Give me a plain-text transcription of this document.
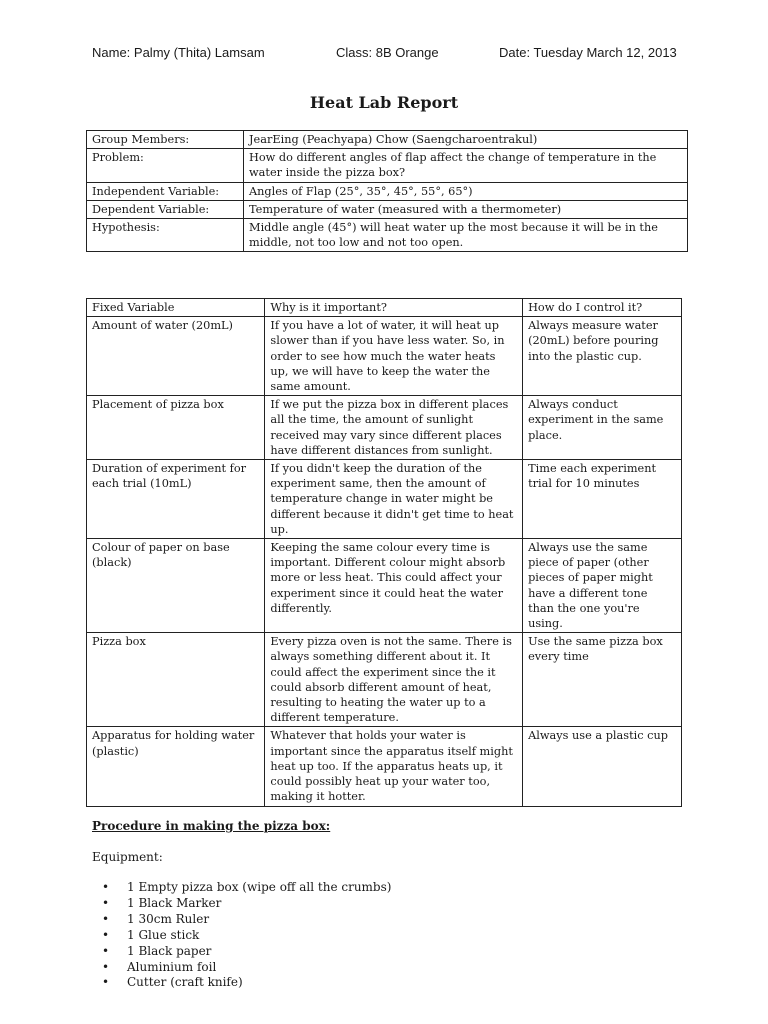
Name: Palmy (Thita) Lamsam	Class: 8B Orange	Date: Tuesday March 12, 2013
Heat Lab Report
Group Members:	JearEing (Peachyapa) Chow (Saengcharoentrakul)
Problem:	How do different angles of flap affect the change of temperature in the water inside the pizza box?
Independent Variable:	Angles of Flap (25°, 35°, 45°, 55°, 65°)
Dependent Variable:	Temperature of water (measured with a thermometer)
Hypothesis:	Middle angle (45°) will heat water up the most because it will be in the middle, not too low and not too open.
Fixed Variable	Why is it important?	How do I control it?
Amount of water (20mL)	If you have a lot of water, it will heat up slower than if you have less water. So, in order to see how much the water heats up, we will have to keep the water the same amount.	Always measure water (20mL) before pouring into the plastic cup.
Placement of pizza box	If we put the pizza box in different places all the time, the amount of sunlight received may vary since different places have different distances from sunlight.	Always conduct experiment in the same place.
Duration of experiment for each trial (10mL)	If you didn't keep the duration of the experiment same, then the amount of temperature change in water might be different because it didn't get time to heat up.	Time each experiment trial for 10 minutes
Colour of paper on base (black)	Keeping the same colour every time is important. Different colour might absorb more or less heat. This could affect your experiment since it could heat the water differently.	Always use the same piece of paper (other pieces of paper might have a different tone than the one you're using.
Pizza box	Every pizza oven is not the same. There is always something different about it. It could affect the experiment since the it could absorb different amount of heat, resulting to heating the water up to a different temperature.	Use the same pizza box every time
Apparatus for holding water (plastic)	Whatever that holds your water is important since the apparatus itself might heat up too. If the apparatus heats up, it could possibly heat up your water too, making it hotter.	Always use a plastic cup
Procedure in making the pizza box:
Equipment:
• 1 Empty pizza box (wipe off all the crumbs)
• 1 Black Marker
• 1 30cm Ruler
• 1 Glue stick
• 1 Black paper
• Aluminium foil
• Cutter (craft knife)
